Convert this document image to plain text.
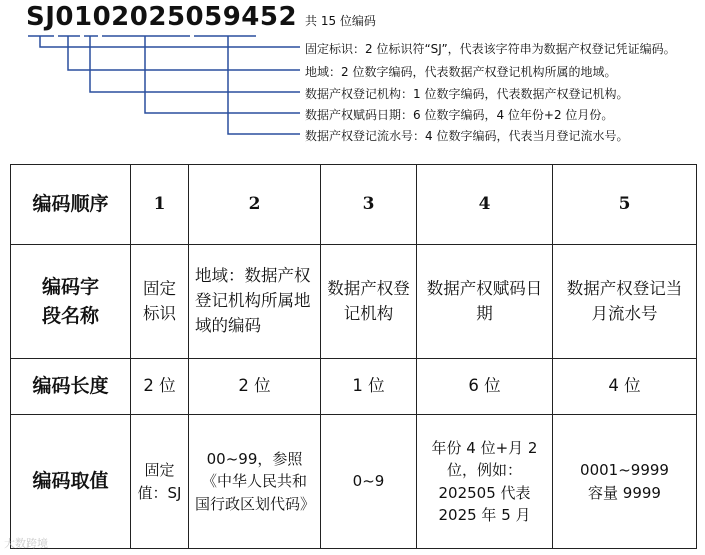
SJ0102025059452 共 15 位编码
固定标识：2 位标识符“SJ”，代表该字符串为数据产权登记凭证编码。
地域：2 位数字编码，代表数据产权登记机构所属的地域。
数据产权登记机构：1 位数字编码，代表数据产权登记机构。
数据产权赋码日期：6 位数字编码，4 位年份+2 位月份。
数据产权登记流水号：4 位数字编码，代表当月登记流水号。
编码顺序	1	2	3	4	5
编码字段名称	固定标识	地域：数据产权登记机构所属地域的编码	数据产权登记机构	数据产权赋码日期	数据产权登记当月流水号
编码长度	2 位	2 位	1 位	6 位	4 位
编码取值	固定值：SJ	00~99，参照《中华人民共和国行政区划代码》	0~9	年份 4 位+月 2 位，例如：202505 代表 2025 年 5 月	0001~9999 容量 9999
大数跨境
